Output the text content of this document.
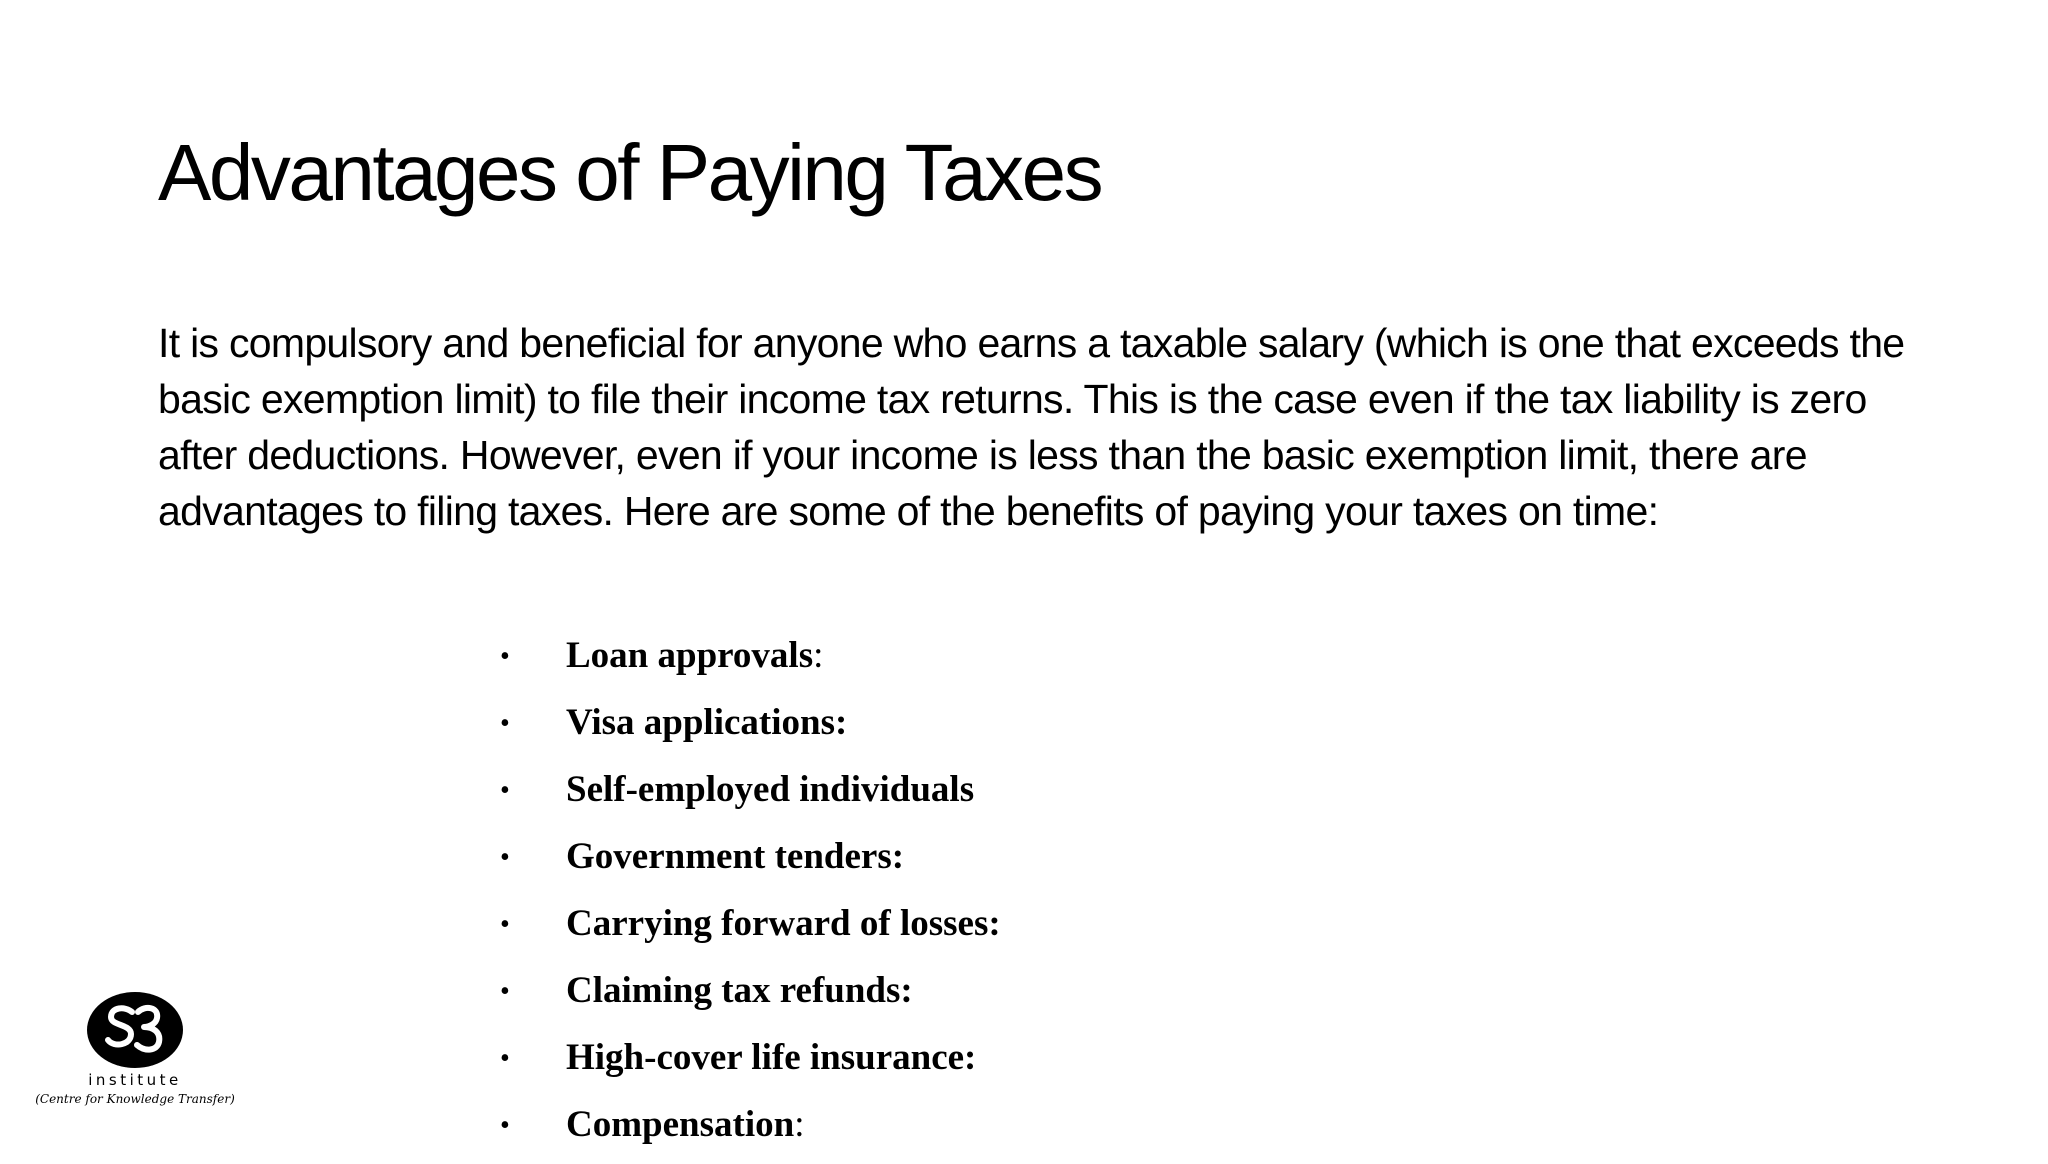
Advantages of Paying Taxes

It is compulsory and beneficial for anyone who earns a taxable salary (which is one that exceeds the basic exemption limit) to file their income tax returns. This is the case even if the tax liability is zero after deductions. However, even if your income is less than the basic exemption limit, there are advantages to filing taxes. Here are some of the benefits of paying your taxes on time:

• Loan approvals:
• Visa applications:
• Self-employed individuals
• Government tenders:
• Carrying forward of losses:
• Claiming tax refunds:
• High-cover life insurance:
• Compensation:
institute
(Centre for Knowledge Transfer)
